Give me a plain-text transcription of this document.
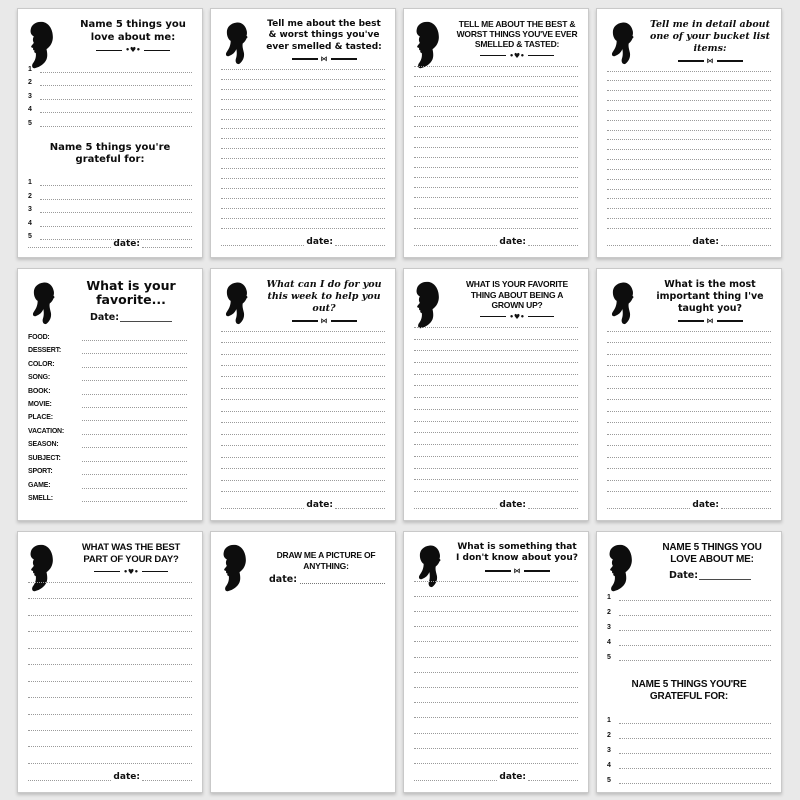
Name 5 things you love about me:
•♥•
1
2
3
4
5
Name 5 things you're grateful for:
1
2
3
4
5
date:
Tell me about the best & worst things you've ever smelled & tasted:
⋈
date:
TELL ME ABOUT THE BEST & WORST THINGS YOU'VE EVER SMELLED & TASTED:
•♥•
date:
Tell me in detail about one of your bucket list items:
⋈
date:
What is your favorite...
Date:
FOOD:
DESSERT:
COLOR:
SONG:
BOOK:
MOVIE:
PLACE:
VACATION:
SEASON:
SUBJECT:
SPORT:
GAME:
SMELL:
What can I do for you this week to help you out?
⋈
date:
WHAT IS YOUR FAVORITE THING ABOUT BEING A GROWN UP?
•♥•
date:
What is the most important thing I've taught you?
⋈
date:
WHAT WAS THE BEST PART OF YOUR DAY?
•♥•
date:
DRAW ME A PICTURE OF ANYTHING:
date:
What is something that I don't know about you?
⋈
date:
NAME 5 THINGS YOU LOVE ABOUT ME:
Date:
1
2
3
4
5
NAME 5 THINGS YOU'RE GRATEFUL FOR:
1
2
3
4
5
